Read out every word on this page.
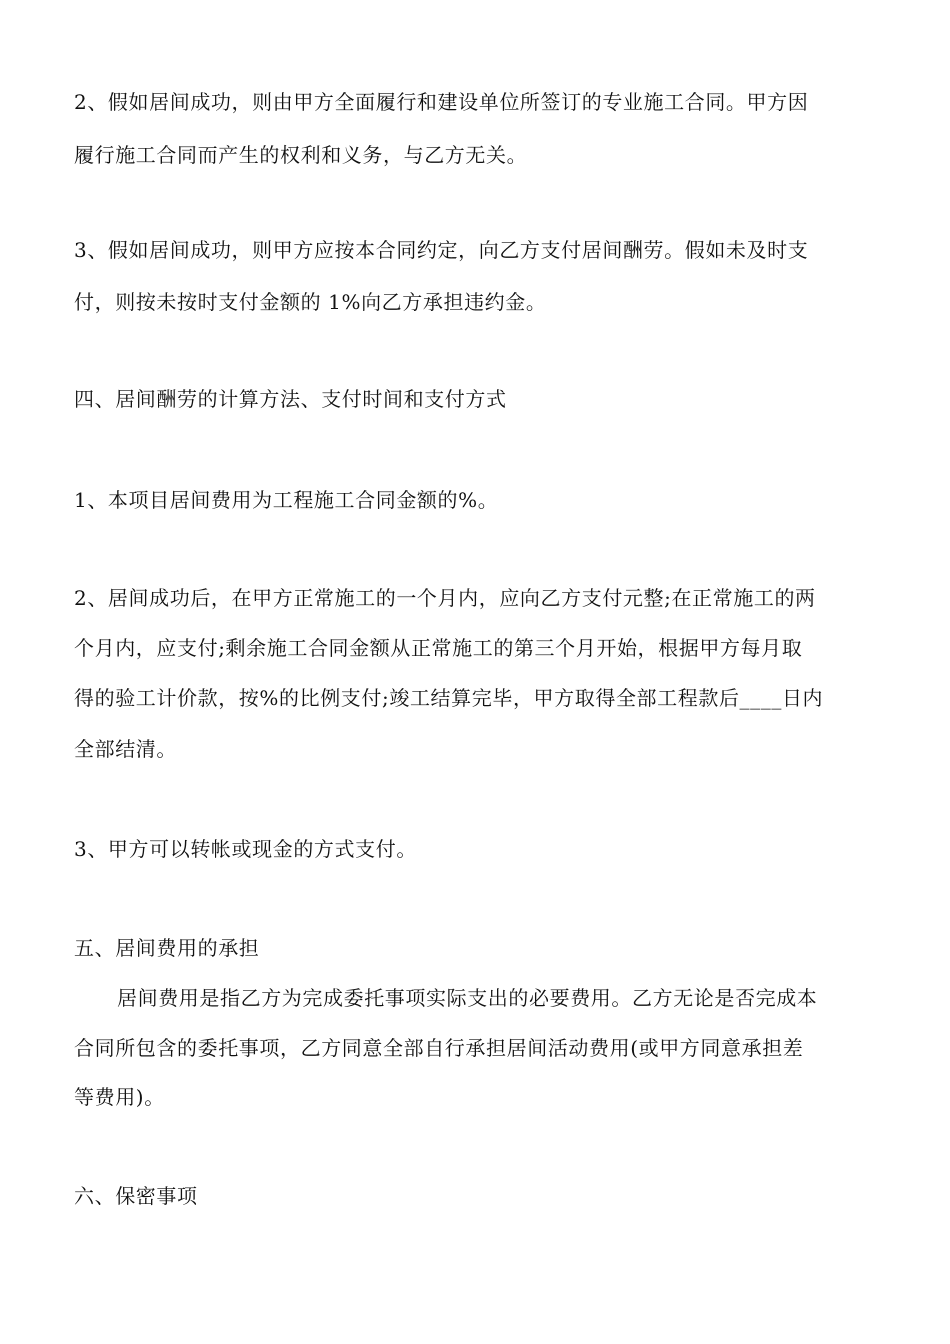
2、假如居间成功，则由甲方全面履行和建设单位所签订的专业施工合同。甲方因
履行施工合同而产生的权利和义务，与乙方无关。
3、假如居间成功，则甲方应按本合同约定，向乙方支付居间酬劳。假如未及时支
付，则按未按时支付金额的 1%向乙方承担违约金。
四、居间酬劳的计算方法、支付时间和支付方式
1、本项目居间费用为工程施工合同金额的%。
2、居间成功后，在甲方正常施工的一个月内，应向乙方支付元整;在正常施工的两
个月内，应支付;剩余施工合同金额从正常施工的第三个月开始，根据甲方每月取
得的验工计价款，按%的比例支付;竣工结算完毕，甲方取得全部工程款后____日内
全部结清。
3、甲方可以转帐或现金的方式支付。
五、居间费用的承担
居间费用是指乙方为完成委托事项实际支出的必要费用。乙方无论是否完成本
合同所包含的委托事项，乙方同意全部自行承担居间活动费用(或甲方同意承担差
等费用)。
六、保密事项
